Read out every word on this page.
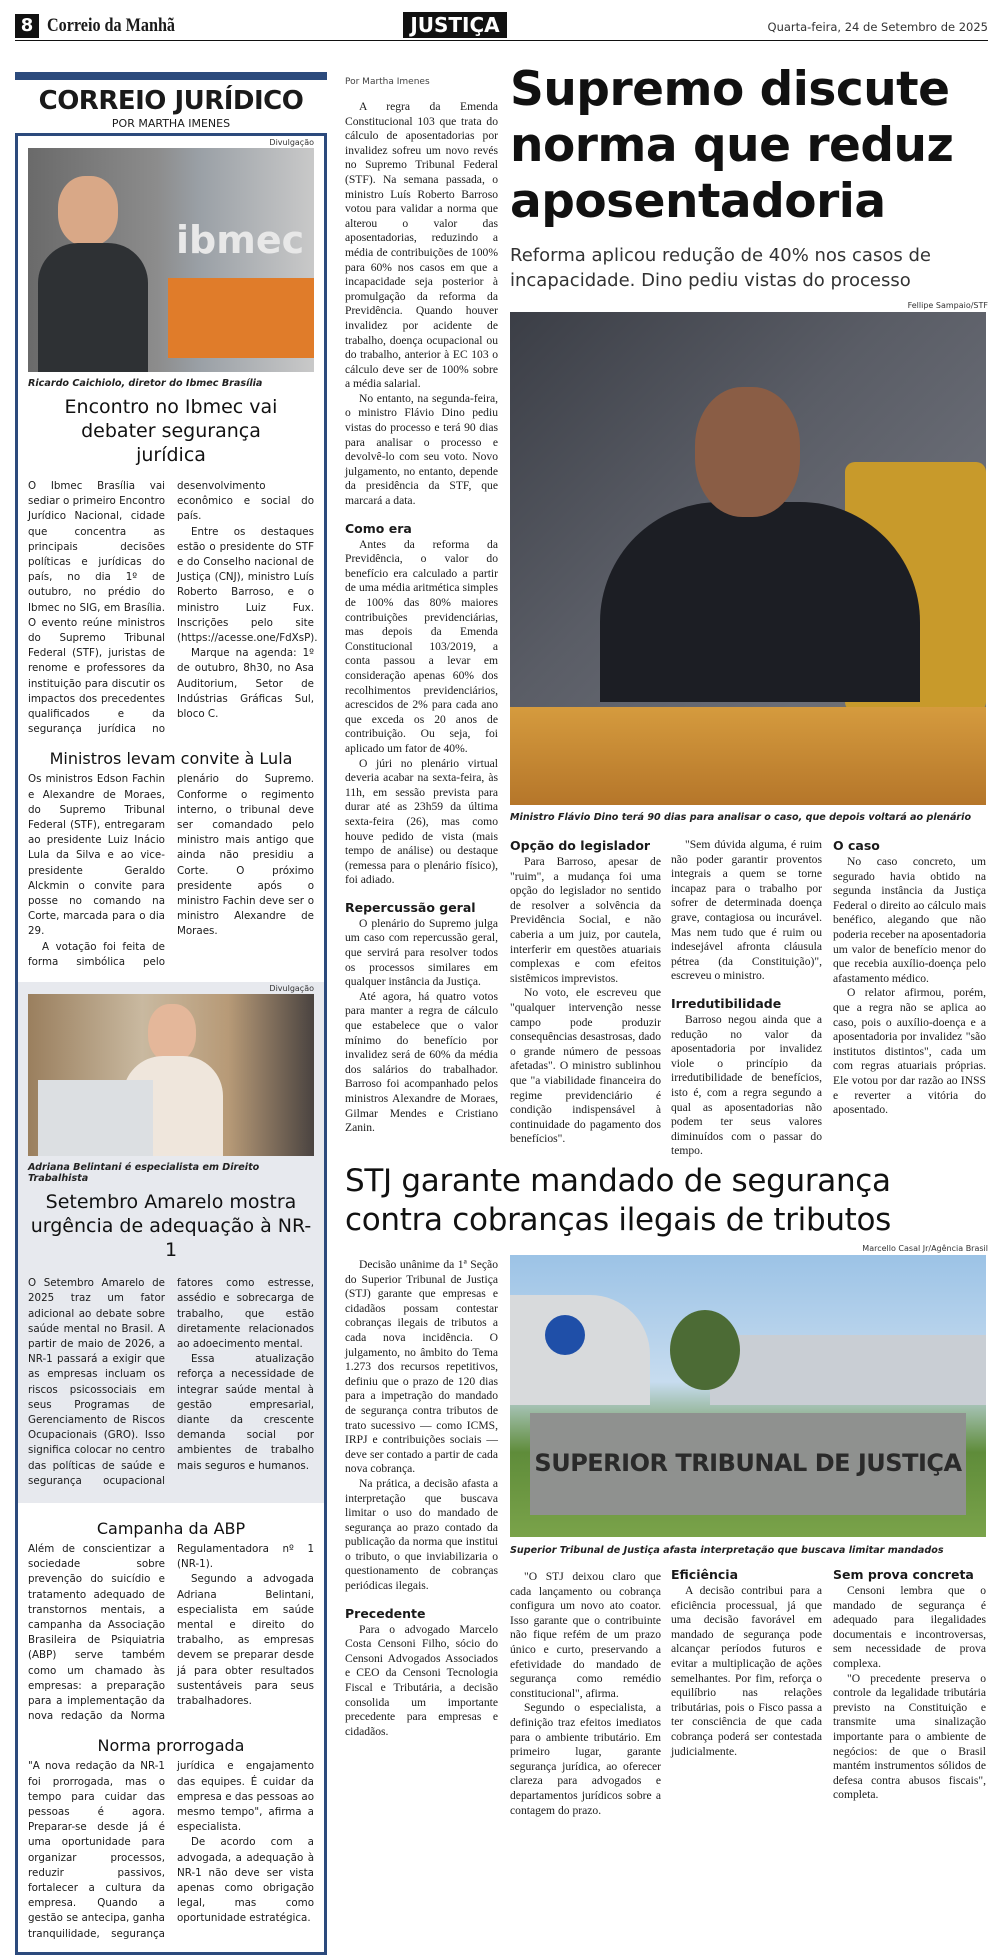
8 Correio da Manhã	JUSTIÇA	Quarta-feira, 24 de Setembro de 2025
CORREIO JURÍDICO
POR MARTHA IMENES
Divulgação
ibmec
Ricardo Caichiolo, diretor do Ibmec Brasília
Encontro no Ibmec vai debater segurança jurídica

O Ibmec Brasília vai sediar o primeiro Encontro Jurídico Nacional, cidade que concentra as principais decisões políticas e jurídicas do país, no dia 1º de outubro, no prédio do Ibmec no SIG, em Brasília. O evento reúne ministros do Supremo Tribunal Federal (STF), juristas de renome e professores da instituição para discutir os impactos dos precedentes qualificados e da segurança jurídica no desenvolvimento econômico e social do país.

Entre os destaques estão o presidente do STF e do Conselho nacional de Justiça (CNJ), ministro Luís Roberto Barroso, e o ministro Luiz Fux. Inscrições pelo site (https://acesse.one/FdXsP).

Marque na agenda: 1º de outubro, 8h30, no Asa Auditorium, Setor de Indústrias Gráficas Sul, bloco C.

Ministros levam convite à Lula

Os ministros Edson Fachin e Alexandre de Moraes, do Supremo Tribunal Federal (STF), entregaram ao presidente Luiz Inácio Lula da Silva e ao vice-presidente Geraldo Alckmin o convite para posse no comando na Corte, marcada para o dia 29.

A votação foi feita de forma simbólica pelo plenário do Supremo. Conforme o regimento interno, o tribunal deve ser comandado pelo ministro mais antigo que ainda não presidiu a Corte. O próximo presidente após o ministro Fachin deve ser o ministro Alexandre de Moraes.

Divulgação
Adriana Belintani é especialista em Direito Trabalhista
Setembro Amarelo mostra urgência de adequação à NR-1

O Setembro Amarelo de 2025 traz um fator adicional ao debate sobre saúde mental no Brasil. A partir de maio de 2026, a NR-1 passará a exigir que as empresas incluam os riscos psicossociais em seus Programas de Gerenciamento de Riscos Ocupacionais (GRO). Isso significa colocar no centro das políticas de saúde e segurança ocupacional fatores como estresse, assédio e sobrecarga de trabalho, que estão diretamente relacionados ao adoecimento mental.

Essa atualização reforça a necessidade de integrar saúde mental à gestão empresarial, diante da crescente demanda social por ambientes de trabalho mais seguros e humanos.

Campanha da ABP

Além de conscientizar a sociedade sobre prevenção do suicídio e tratamento adequado de transtornos mentais, a campanha da Associação Brasileira de Psiquiatria (ABP) serve também como um chamado às empresas: a preparação para a implementação da nova redação da Norma Regulamentadora nº 1 (NR-1).

Segundo a advogada Adriana Belintani, especialista em saúde mental e direito do trabalho, as empresas devem se preparar desde já para obter resultados sustentáveis para seus trabalhadores.

Norma prorrogada

"A nova redação da NR-1 foi prorrogada, mas o tempo para cuidar das pessoas é agora. Preparar-se desde já é uma oportunidade para organizar processos, reduzir passivos, fortalecer a cultura da empresa. Quando a gestão se antecipa, ganha tranquilidade, segurança jurídica e engajamento das equipes. É cuidar da empresa e das pessoas ao mesmo tempo", afirma a especialista.

De acordo com a advogada, a adequação à NR-1 não deve ser vista apenas como obrigação legal, mas como oportunidade estratégica.

Por Martha Imenes

A regra da Emenda Constitucional 103 que trata do cálculo de aposentadorias por invalidez sofreu um novo revés no Supremo Tribunal Federal (STF). Na semana passada, o ministro Luís Roberto Barroso votou para validar a norma que alterou o valor das aposentadorias, reduzindo a média de contribuições de 100% para 60% nos casos em que a incapacidade seja posterior à promulgação da reforma da Previdência. Quando houver invalidez por acidente de trabalho, doença ocupacional ou do trabalho, anterior à EC 103 o cálculo deve ser de 100% sobre a média salarial.

No entanto, na segunda-feira, o ministro Flávio Dino pediu vistas do processo e terá 90 dias para analisar o processo e devolvê-lo com seu voto. Novo julgamento, no entanto, depende da presidência da STF, que marcará a data.

Como era

Antes da reforma da Previdência, o valor do benefício era calculado a partir de uma média aritmética simples de 100% das 80% maiores contribuições previdenciárias, mas depois da Emenda Constitucional 103/2019, a conta passou a levar em consideração apenas 60% dos recolhimentos previdenciários, acrescidos de 2% para cada ano que exceda os 20 anos de contribuição. Ou seja, foi aplicado um fator de 40%.

O júri no plenário virtual deveria acabar na sexta-feira, às 11h, em sessão prevista para durar até as 23h59 da última sexta-feira (26), mas como houve pedido de vista (mais tempo de análise) ou destaque (remessa para o plenário físico), foi adiado.

Repercussão geral

O plenário do Supremo julga um caso com repercussão geral, que servirá para resolver todos os processos similares em qualquer instância da Justiça.

Até agora, há quatro votos para manter a regra de cálculo que estabelece que o valor mínimo do benefício por invalidez será de 60% da média dos salários do trabalhador. Barroso foi acompanhado pelos ministros Alexandre de Moraes, Gilmar Mendes e Cristiano Zanin.

Supremo discute norma que reduz aposentadoria
Reforma aplicou redução de 40% nos casos de incapacidade. Dino pediu vistas do processo
Fellipe Sampaio/STF
Ministro Flávio Dino terá 90 dias para analisar o caso, que depois voltará ao plenário
Opção do legislador

Para Barroso, apesar de "ruim", a mudança foi uma opção do legislador no sentido de resolver a solvência da Previdência Social, e não caberia a um juiz, por cautela, interferir em questões atuariais complexas e com efeitos sistêmicos imprevistos.

No voto, ele escreveu que "qualquer intervenção nesse campo pode produzir consequências desastrosas, dado o grande número de pessoas afetadas". O ministro sublinhou que "a viabilidade financeira do regime previdenciário é condição indispensável à continuidade do pagamento dos benefícios".

"Sem dúvida alguma, é ruim não poder garantir proventos integrais a quem se torne incapaz para o trabalho por sofrer de determinada doença grave, contagiosa ou incurável. Mas nem tudo que é ruim ou indesejável afronta cláusula pétrea (da Constituição)", escreveu o ministro.

Irredutibilidade

Barroso negou ainda que a redução no valor da aposentadoria por invalidez viole o princípio da irredutibilidade de benefícios, isto é, com a regra segundo a qual as aposentadorias não podem ter seus valores diminuídos com o passar do tempo.

O caso

No caso concreto, um segurado havia obtido na segunda instância da Justiça Federal o direito ao cálculo mais benéfico, alegando que não poderia receber na aposentadoria um valor de benefício menor do que recebia auxílio-doença pelo afastamento médico.

O relator afirmou, porém, que a regra não se aplica ao caso, pois o auxílio-doença e a aposentadoria por invalidez "são institutos distintos", cada um com regras atuariais próprias. Ele votou por dar razão ao INSS e reverter a vitória do aposentado.

STJ garante mandado de segurança contra cobranças ilegais de tributos
Marcello Casal Jr/Agência Brasil
SUPERIOR TRIBUNAL DE JUSTIÇA
Superior Tribunal de Justiça afasta interpretação que buscava limitar mandados

Decisão unânime da 1ª Seção do Superior Tribunal de Justiça (STJ) garante que empresas e cidadãos possam contestar cobranças ilegais de tributos a cada nova incidência. O julgamento, no âmbito do Tema 1.273 dos recursos repetitivos, definiu que o prazo de 120 dias para a impetração do mandado de segurança contra tributos de trato sucessivo — como ICMS, IRPJ e contribuições sociais — deve ser contado a partir de cada nova cobrança.

Na prática, a decisão afasta a interpretação que buscava limitar o uso do mandado de segurança ao prazo contado da publicação da norma que institui o tributo, o que inviabilizaria o questionamento de cobranças periódicas ilegais.

Precedente

Para o advogado Marcelo Costa Censoni Filho, sócio do Censoni Advogados Associados e CEO da Censoni Tecnologia Fiscal e Tributária, a decisão consolida um importante precedente para empresas e cidadãos.

"O STJ deixou claro que cada lançamento ou cobrança configura um novo ato coator. Isso garante que o contribuinte não fique refém de um prazo único e curto, preservando a efetividade do mandado de segurança como remédio constitucional", afirma.

Segundo o especialista, a definição traz efeitos imediatos para o ambiente tributário. Em primeiro lugar, garante segurança jurídica, ao oferecer clareza para advogados e departamentos jurídicos sobre a contagem do prazo.

Eficiência

A decisão contribui para a eficiência processual, já que uma decisão favorável em mandado de segurança pode alcançar períodos futuros e evitar a multiplicação de ações semelhantes. Por fim, reforça o equilíbrio nas relações tributárias, pois o Fisco passa a ter consciência de que cada cobrança poderá ser contestada judicialmente.

Sem prova concreta

Censoni lembra que o mandado de segurança é adequado para ilegalidades documentais e incontroversas, sem necessidade de prova complexa.

"O precedente preserva o controle da legalidade tributária previsto na Constituição e transmite uma sinalização importante para o ambiente de negócios: de que o Brasil mantém instrumentos sólidos de defesa contra abusos fiscais", completa.
